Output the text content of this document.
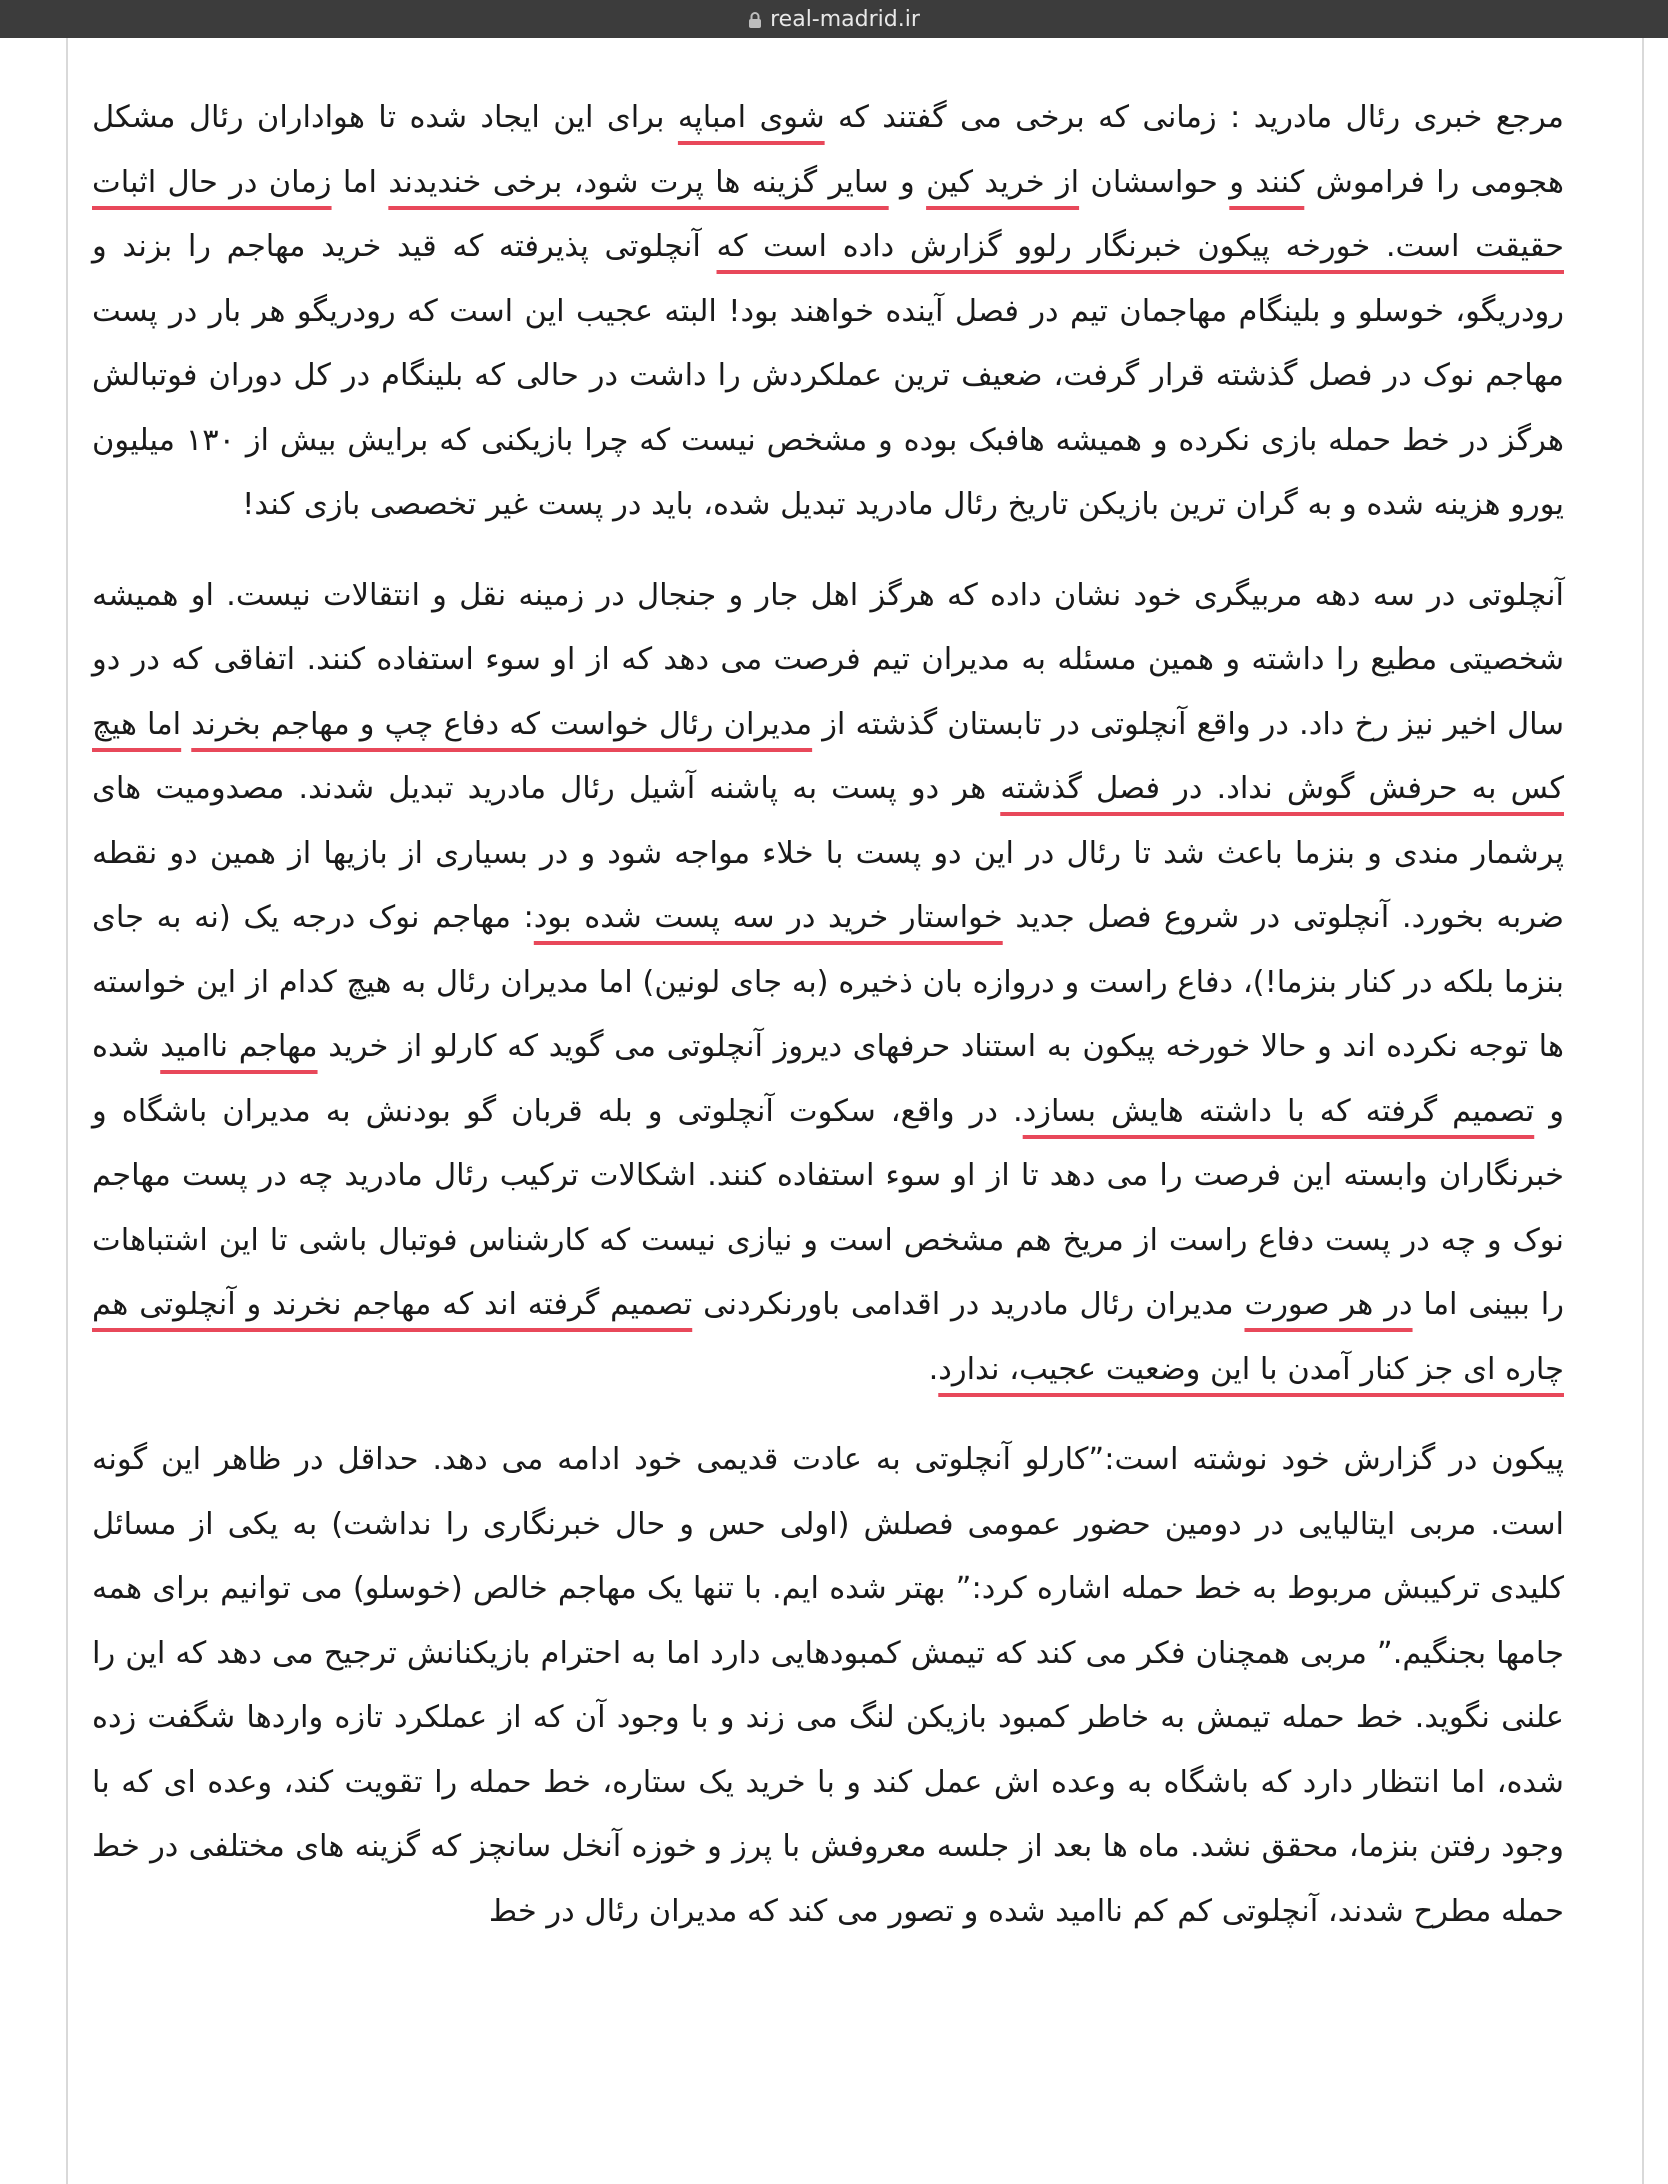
real-madrid.ir

مرجع خبری رئال مادرید : زمانی که برخی می گفتند که شوی امباپه برای این ایجاد شده تا هواداران رئال مشکل هجومی را فراموش کنند و حواسشان از خرید کین و سایر گزینه ها پرت شود، برخی خندیدند اما زمان در حال اثبات حقیقت است. خورخه پیکون خبرنگار رلوو گزارش داده است که آنچلوتی پذیرفته که قید خرید مهاجم را بزند و رودریگو، خوسلو و بلینگام مهاجمان تیم در فصل آینده خواهند بود! البته عجیب این است که رودریگو هر بار در پست مهاجم نوک در فصل گذشته قرار گرفت، ضعیف ترین عملکردش را داشت در حالی که بلینگام در کل دوران فوتبالش هرگز در خط حمله بازی نکرده و همیشه هافبک بوده و مشخص نیست که چرا بازیکنی که برایش بیش از ۱۳۰ میلیون یورو هزینه شده و به گران ترین بازیکن تاریخ رئال مادرید تبدیل شده، باید در پست غیر تخصصی بازی کند!

آنچلوتی در سه دهه مربیگری خود نشان داده که هرگز اهل جار و جنجال در زمینه نقل و انتقالات نیست. او همیشه شخصیتی مطیع را داشته و همین مسئله به مدیران تیم فرصت می دهد که از او سوء استفاده کنند. اتفاقی که در دو سال اخیر نیز رخ داد. در واقع آنچلوتی در تابستان گذشته از مدیران رئال خواست که دفاع چپ و مهاجم بخرند اما هیچ کس به حرفش گوش نداد. در فصل گذشته هر دو پست به پاشنه آشیل رئال مادرید تبدیل شدند. مصدومیت های پرشمار مندی و بنزما باعث شد تا رئال در این دو پست با خلاء مواجه شود و در بسیاری از بازیها از همین دو نقطه ضربه بخورد. آنچلوتی در شروع فصل جدید خواستار خرید در سه پست شده بود: مهاجم نوک درجه یک (نه به جای بنزما بلکه در کنار بنزما!)، دفاع راست و دروازه بان ذخیره (به جای لونین) اما مدیران رئال به هیچ کدام از این خواسته ها توجه نکرده اند و حالا خورخه پیکون به استناد حرفهای دیروز آنچلوتی می گوید که کارلو از خرید مهاجم ناامید شده و تصمیم گرفته که با داشته هایش بسازد. در واقع، سکوت آنچلوتی و بله قربان گو بودنش به مدیران باشگاه و خبرنگاران وابسته این فرصت را می دهد تا از او سوء استفاده کنند. اشکالات ترکیب رئال مادرید چه در پست مهاجم نوک و چه در پست دفاع راست از مریخ هم مشخص است و نیازی نیست که کارشناس فوتبال باشی تا این اشتباهات را ببینی اما در هر صورت مدیران رئال مادرید در اقدامی باورنکردنی تصمیم گرفته اند که مهاجم نخرند و آنچلوتی هم چاره ای جز کنار آمدن با این وضعیت عجیب، ندارد.

پیکون در گزارش خود نوشته است:”کارلو آنچلوتی به عادت قدیمی خود ادامه می دهد. حداقل در ظاهر این گونه است. مربی ایتالیایی در دومین حضور عمومی فصلش (اولی حس و حال خبرنگاری را نداشت) به یکی از مسائل کلیدی ترکیبش مربوط به خط حمله اشاره کرد:” بهتر شده ایم. با تنها یک مهاجم خالص (خوسلو) می توانیم برای همه جامها بجنگیم.” مربی همچنان فکر می کند که تیمش کمبودهایی دارد اما به احترام بازیکنانش ترجیح می دهد که این را علنی نگوید. خط حمله تیمش به خاطر کمبود بازیکن لنگ می زند و با وجود آن که از عملکرد تازه واردها شگفت زده شده، اما انتظار دارد که باشگاه به وعده اش عمل کند و با خرید یک ستاره، خط حمله را تقویت کند، وعده ای که با وجود رفتن بنزما، محقق نشد. ماه ها بعد از جلسه معروفش با پرز و خوزه آنخل سانچز که گزینه های مختلفی در خط حمله مطرح شدند، آنچلوتی کم کم ناامید شده و تصور می کند که مدیران رئال در خط
